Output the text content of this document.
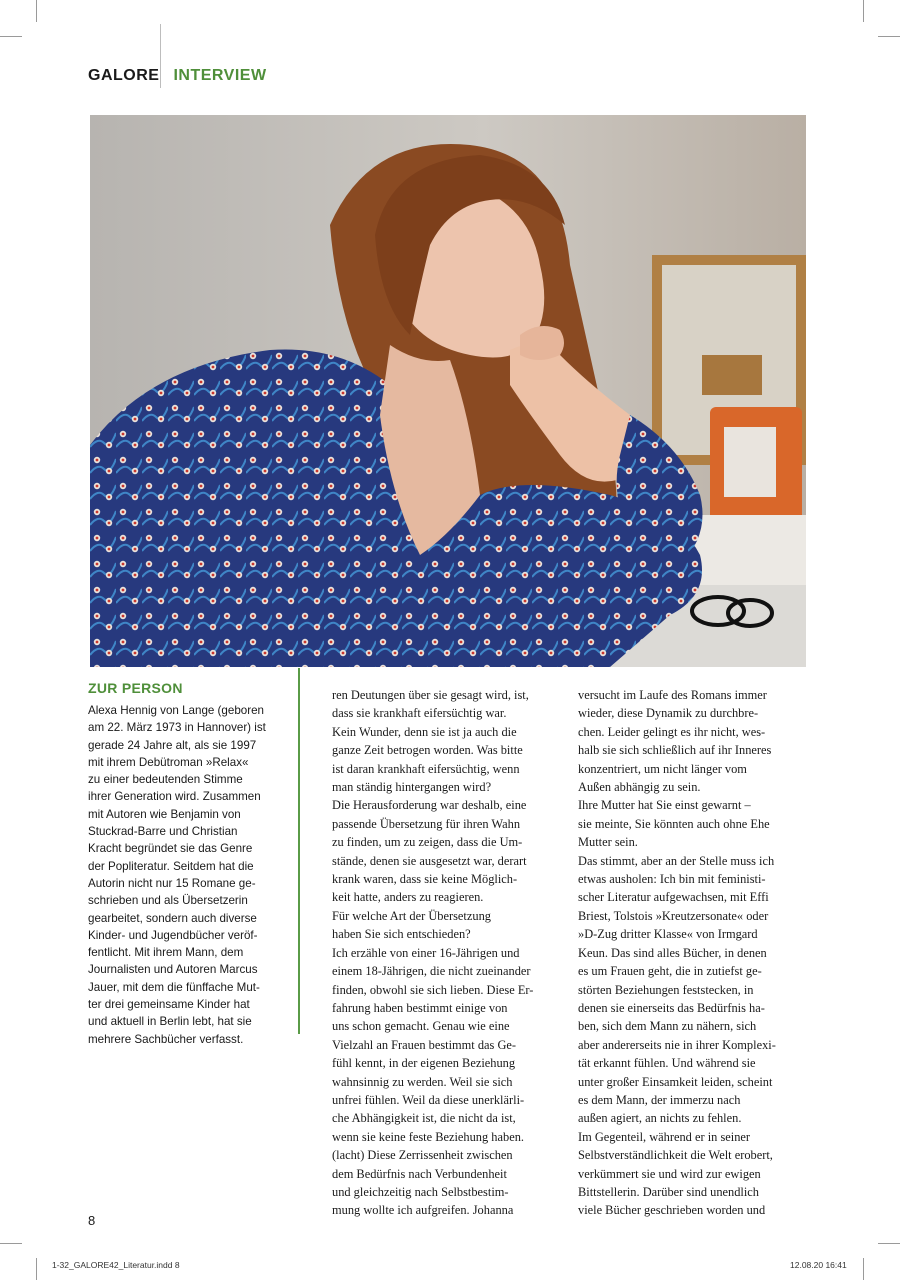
GALORE INTERVIEW
ZUR PERSON
Alexa Hennig von Lange (geboren
am 22. März 1973 in Hannover) ist
gerade 24 Jahre alt, als sie 1997
mit ihrem Debütroman »Relax«
zu einer bedeutenden Stimme
ihrer Generation wird. Zusammen
mit Autoren wie Benjamin von
Stuckrad-Barre und Christian
Kracht begründet sie das Genre
der Popliteratur. Seitdem hat die
Autorin nicht nur 15 Romane ge-
schrieben und als Übersetzerin
gearbeitet, sondern auch diverse
Kinder- und Jugendbücher veröf-
fentlicht. Mit ihrem Mann, dem
Journalisten und Autoren Marcus
Jauer, mit dem die fünffache Mut-
ter drei gemeinsame Kinder hat
und aktuell in Berlin lebt, hat sie
mehrere Sachbücher verfasst.
ren Deutungen über sie gesagt wird, ist,
dass sie krankhaft eifersüchtig war.
Kein Wunder, denn sie ist ja auch die
ganze Zeit betrogen worden. Was bitte
ist daran krankhaft eifersüchtig, wenn
man ständig hintergangen wird?
Die Herausforderung war deshalb, eine
passende Übersetzung für ihren Wahn
zu finden, um zu zeigen, dass die Um-
stände, denen sie ausgesetzt war, derart
krank waren, dass sie keine Möglich-
keit hatte, anders zu reagieren.
Für welche Art der Übersetzung
haben Sie sich entschieden?
Ich erzähle von einer 16-Jährigen und
einem 18-Jährigen, die nicht zueinander
finden, obwohl sie sich lieben. Diese Er-
fahrung haben bestimmt einige von
uns schon gemacht. Genau wie eine
Vielzahl an Frauen bestimmt das Ge-
fühl kennt, in der eigenen Beziehung
wahnsinnig zu werden. Weil sie sich
unfrei fühlen. Weil da diese unerklärli-
che Abhängigkeit ist, die nicht da ist,
wenn sie keine feste Beziehung haben.
(lacht) Diese Zerrissenheit zwischen
dem Bedürfnis nach Verbundenheit
und gleichzeitig nach Selbstbestim-
mung wollte ich aufgreifen. Johanna
versucht im Laufe des Romans immer
wieder, diese Dynamik zu durchbre-
chen. Leider gelingt es ihr nicht, wes-
halb sie sich schließlich auf ihr Inneres
konzentriert, um nicht länger vom
Außen abhängig zu sein.
Ihre Mutter hat Sie einst gewarnt –
sie meinte, Sie könnten auch ohne Ehe
Mutter sein.
Das stimmt, aber an der Stelle muss ich
etwas ausholen: Ich bin mit feministi-
scher Literatur aufgewachsen, mit Effi
Briest, Tolstois »Kreutzersonate« oder
»D-Zug dritter Klasse« von Irmgard
Keun. Das sind alles Bücher, in denen
es um Frauen geht, die in zutiefst ge-
störten Beziehungen feststecken, in
denen sie einerseits das Bedürfnis ha-
ben, sich dem Mann zu nähern, sich
aber andererseits nie in ihrer Komplexi-
tät erkannt fühlen. Und während sie
unter großer Einsamkeit leiden, scheint
es dem Mann, der immerzu nach
außen agiert, an nichts zu fehlen.
Im Gegenteil, während er in seiner
Selbstverständlichkeit die Welt erobert,
verkümmert sie und wird zur ewigen
Bittstellerin. Darüber sind unendlich
viele Bücher geschrieben worden und
8
1-32_GALORE42_Literatur.indd 8	12.08.20 16:41
